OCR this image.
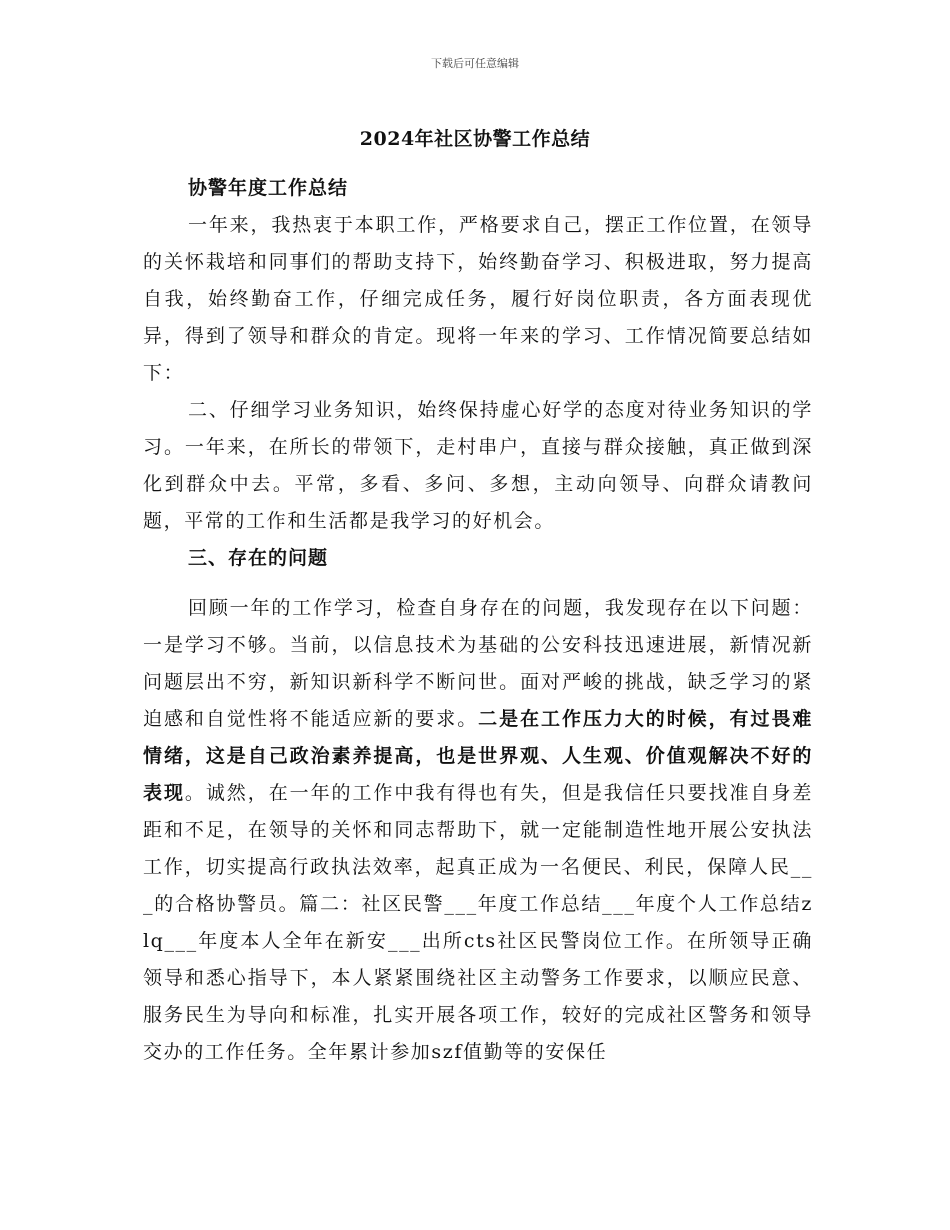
下载后可任意编辑
2024年社区协警工作总结

协警年度工作总结

一年来，我热衷于本职工作，严格要求自己，摆正工作位置，在领导的关怀栽培和同事们的帮助支持下，始终勤奋学习、积极进取，努力提高自我，始终勤奋工作，仔细完成任务，履行好岗位职责，各方面表现优异，得到了领导和群众的肯定。现将一年来的学习、工作情况简要总结如下：

二、仔细学习业务知识，始终保持虚心好学的态度对待业务知识的学习。一年来，在所长的带领下，走村串户，直接与群众接触，真正做到深化到群众中去。平常，多看、多问、多想，主动向领导、向群众请教问题，平常的工作和生活都是我学习的好机会。

三、存在的问题

回顾一年的工作学习，检查自身存在的问题，我发现存在以下问题：一是学习不够。当前，以信息技术为基础的公安科技迅速进展，新情况新问题层出不穷，新知识新科学不断问世。面对严峻的挑战，缺乏学习的紧迫感和自觉性将不能适应新的要求。二是在工作压力大的时候，有过畏难情绪，这是自己政治素养提高，也是世界观、人生观、价值观解决不好的表现。诚然，在一年的工作中我有得也有失，但是我信任只要找准自身差距和不足，在领导的关怀和同志帮助下，就一定能制造性地开展公安执法工作，切实提高行政执法效率，起真正成为一名便民、利民，保障人民___的合格协警员。篇二：社区民警___年度工作总结___年度个人工作总结zlq___年度本人全年在新安___出所cts社区民警岗位工作。在所领导正确领导和悉心指导下，本人紧紧围绕社区主动警务工作要求，以顺应民意、服务民生为导向和标准，扎实开展各项工作，较好的完成社区警务和领导交办的工作任务。全年累计参加szf值勤等的安保任
